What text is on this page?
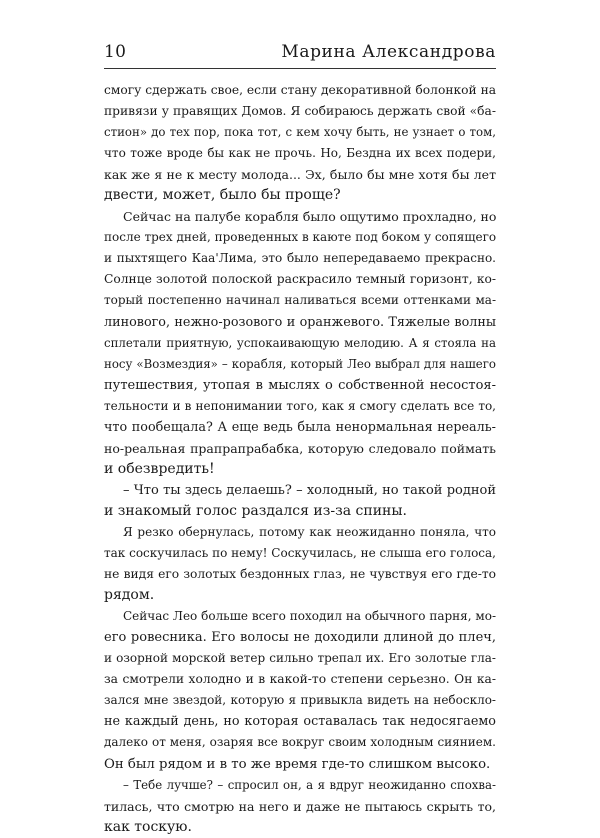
10	Марина Александрова
смогу сдержать свое, если стану декоративной болонкой на
привязи у правящих Домов. Я собираюсь держать свой «ба-
стион» до тех пор, пока тот, с кем хочу быть, не узнает о том,
что тоже вроде бы как не прочь. Но, Бездна их всех подери,
как же я не к месту молода... Эх, было бы мне хотя бы лет
двести, может, было бы проще?
Сейчас на палубе корабля было ощутимо прохладно, но
после трех дней, проведенных в каюте под боком у сопящего
и пыхтящего Каа'Лима, это было непередаваемо прекрасно.
Солнце золотой полоской раскрасило темный горизонт, ко-
торый постепенно начинал наливаться всеми оттенками ма-
линового, нежно-розового и оранжевого. Тяжелые волны
сплетали приятную, успокаивающую мелодию. А я стояла на
носу «Возмездия» – корабля, который Лео выбрал для нашего
путешествия, утопая в мыслях о собственной несостоя-
тельности и в непонимании того, как я смогу сделать все то,
что пообещала? А еще ведь была ненормальная нереаль-
но-реальная прапрапрабабка, которую следовало поймать
и обезвредить!
– Что ты здесь делаешь? – холодный, но такой родной
и знакомый голос раздался из-за спины.
Я резко обернулась, потому как неожиданно поняла, что
так соскучилась по нему! Соскучилась, не слыша его голоса,
не видя его золотых бездонных глаз, не чувствуя его где-то
рядом.
Сейчас Лео больше всего походил на обычного парня, мо-
его ровесника. Его волосы не доходили длиной до плеч,
и озорной морской ветер сильно трепал их. Его золотые гла-
за смотрели холодно и в какой-то степени серьезно. Он ка-
зался мне звездой, которую я привыкла видеть на небоскло-
не каждый день, но которая оставалась так недосягаемо
далеко от меня, озаряя все вокруг своим холодным сиянием.
Он был рядом и в то же время где-то слишком высоко.
– Тебе лучше? – спросил он, а я вдруг неожиданно спохва-
тилась, что смотрю на него и даже не пытаюсь скрыть то,
как тоскую.
